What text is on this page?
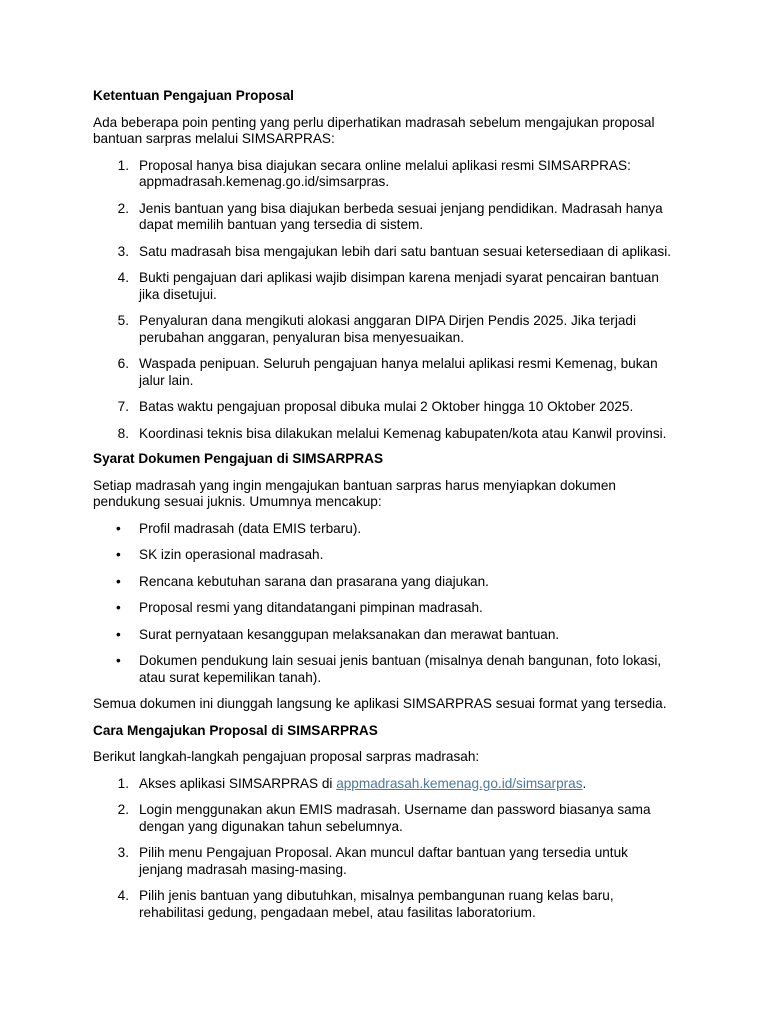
Ketentuan Pengajuan Proposal

Ada beberapa poin penting yang perlu diperhatikan madrasah sebelum mengajukan proposal bantuan sarpras melalui SIMSARPRAS:

1. Proposal hanya bisa diajukan secara online melalui aplikasi resmi SIMSARPRAS: appmadrasah.kemenag.go.id/simsarpras.
2. Jenis bantuan yang bisa diajukan berbeda sesuai jenjang pendidikan. Madrasah hanya dapat memilih bantuan yang tersedia di sistem.
3. Satu madrasah bisa mengajukan lebih dari satu bantuan sesuai ketersediaan di aplikasi.
4. Bukti pengajuan dari aplikasi wajib disimpan karena menjadi syarat pencairan bantuan jika disetujui.
5. Penyaluran dana mengikuti alokasi anggaran DIPA Dirjen Pendis 2025. Jika terjadi perubahan anggaran, penyaluran bisa menyesuaikan.
6. Waspada penipuan. Seluruh pengajuan hanya melalui aplikasi resmi Kemenag, bukan jalur lain.
7. Batas waktu pengajuan proposal dibuka mulai 2 Oktober hingga 10 Oktober 2025.
8. Koordinasi teknis bisa dilakukan melalui Kemenag kabupaten/kota atau Kanwil provinsi.
Syarat Dokumen Pengajuan di SIMSARPRAS

Setiap madrasah yang ingin mengajukan bantuan sarpras harus menyiapkan dokumen pendukung sesuai juknis. Umumnya mencakup:

• Profil madrasah (data EMIS terbaru).
• SK izin operasional madrasah.
• Rencana kebutuhan sarana dan prasarana yang diajukan.
• Proposal resmi yang ditandatangani pimpinan madrasah.
• Surat pernyataan kesanggupan melaksanakan dan merawat bantuan.
• Dokumen pendukung lain sesuai jenis bantuan (misalnya denah bangunan, foto lokasi, atau surat kepemilikan tanah).

Semua dokumen ini diunggah langsung ke aplikasi SIMSARPRAS sesuai format yang tersedia.

Cara Mengajukan Proposal di SIMSARPRAS

Berikut langkah-langkah pengajuan proposal sarpras madrasah:

1. Akses aplikasi SIMSARPRAS di appmadrasah.kemenag.go.id/simsarpras.
2. Login menggunakan akun EMIS madrasah. Username dan password biasanya sama dengan yang digunakan tahun sebelumnya.
3. Pilih menu Pengajuan Proposal. Akan muncul daftar bantuan yang tersedia untuk jenjang madrasah masing-masing.
4. Pilih jenis bantuan yang dibutuhkan, misalnya pembangunan ruang kelas baru, rehabilitasi gedung, pengadaan mebel, atau fasilitas laboratorium.
